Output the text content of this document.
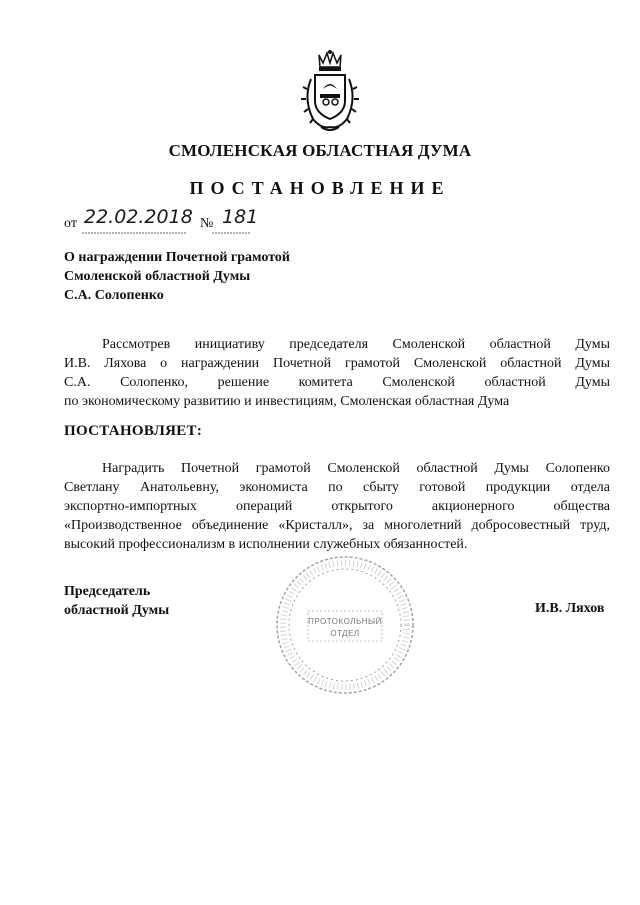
СМОЛЕНСКАЯ ОБЛАСТНАЯ ДУМА
ПОСТАНОВЛЕНИЕ
от 22.02.2018 № 181
О награждении Почетной грамотой
Смоленской областной Думы
С.А. Солопенко
Рассмотрев инициативу председателя Смоленской областной Думы
И.В. Ляхова о награждении Почетной грамотой Смоленской областной Думы
С.А. Солопенко, решение комитета Смоленской областной Думы
по экономическому развитию и инвестициям, Смоленская областная Дума
ПОСТАНОВЛЯЕТ:
Наградить Почетной грамотой Смоленской областной Думы Солопенко
Светлану Анатольевну, экономиста по сбыту готовой продукции отдела
экспортно-импортных операций открытого акционерного общества
«Производственное объединение «Кристалл», за многолетний добросовестный труд,
высокий профессионализм в исполнении служебных обязанностей.
ПРОТОКОЛЬНЫЙ
ОТДЕЛ
Председатель
областной Думы	И.В. Ляхов
